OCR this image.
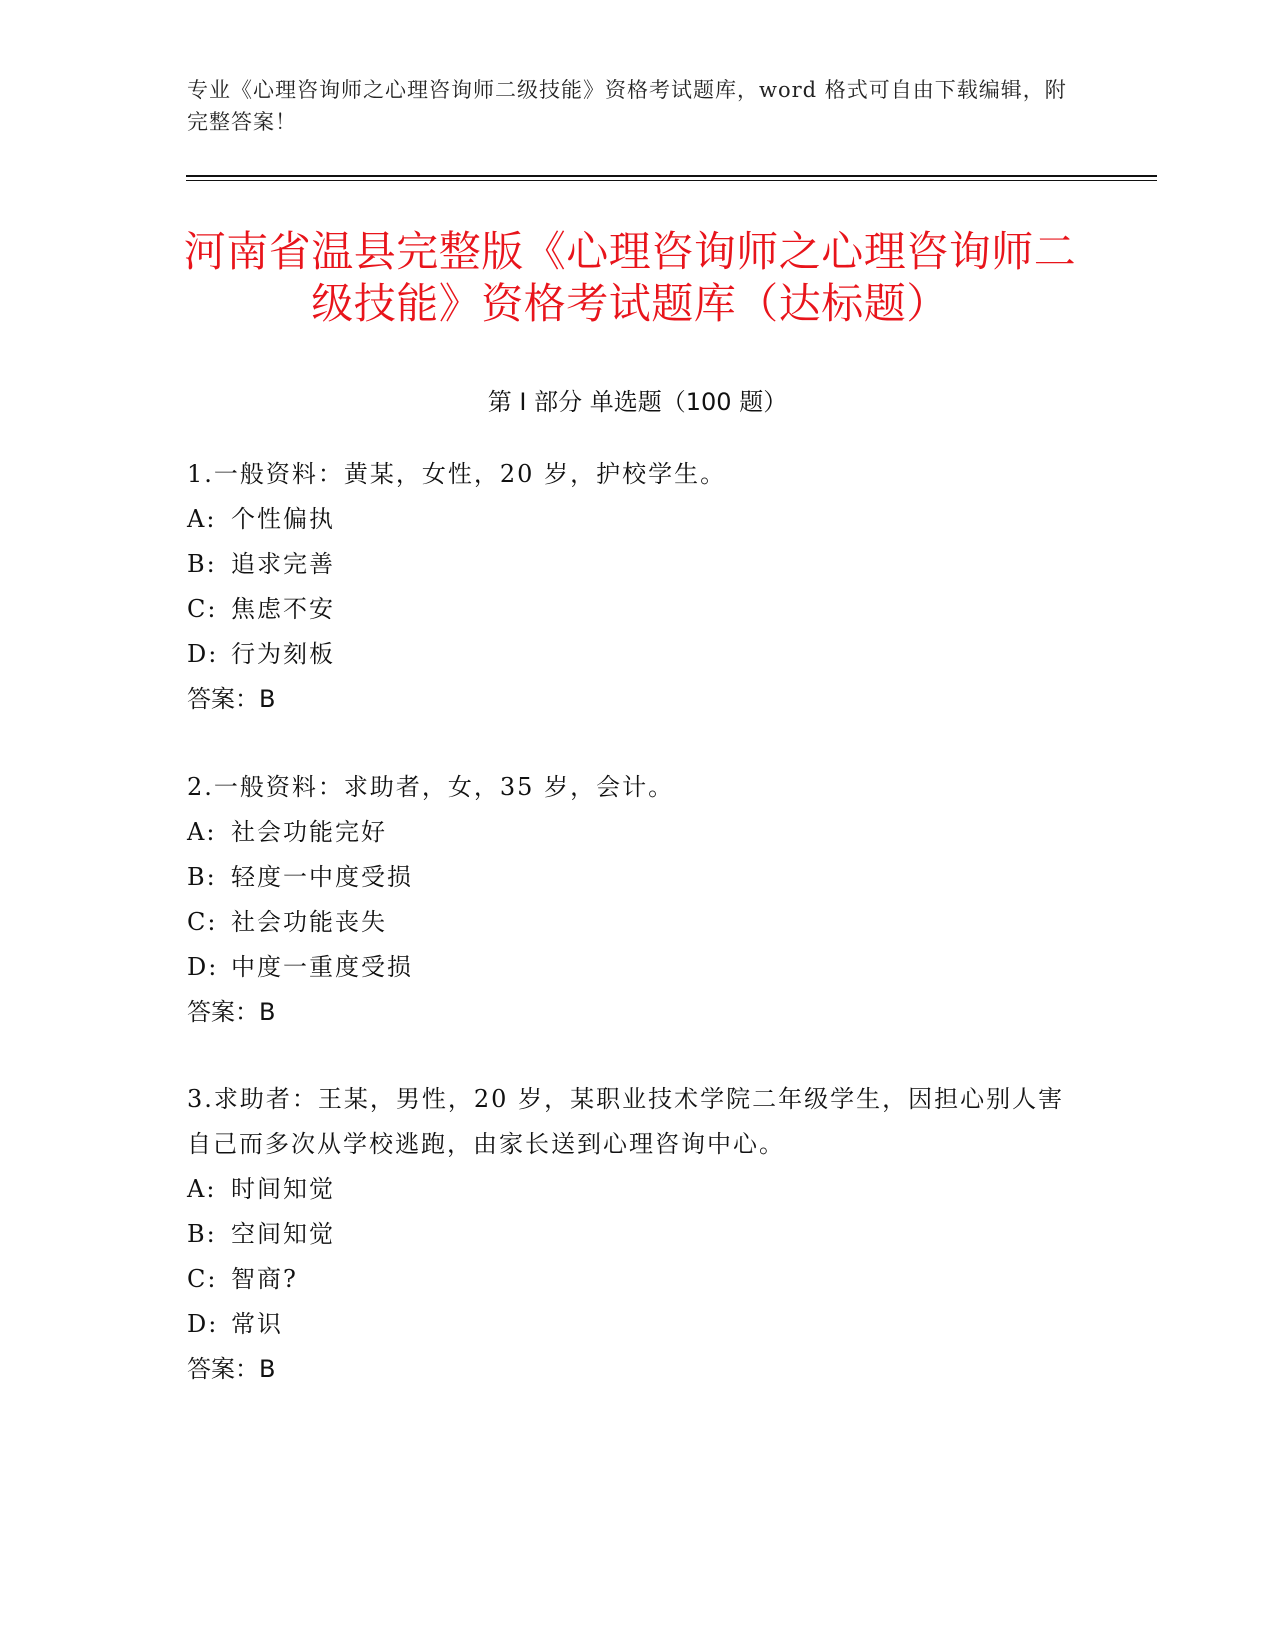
专业《心理咨询师之心理咨询师二级技能》资格考试题库，word 格式可自由下载编辑，附完整答案！
河南省温县完整版《心理咨询师之心理咨询师二级技能》资格考试题库（达标题）
第 I 部分 单选题（100 题）

1.一般资料：黄某，女性，20 岁，护校学生。

A: 个性偏执

B: 追求完善

C: 焦虑不安

D: 行为刻板

答案：B

2.一般资料：求助者，女，35 岁，会计。

A: 社会功能完好

B: 轻度一中度受损

C: 社会功能丧失

D: 中度一重度受损

答案：B

3.求助者：王某，男性，20 岁，某职业技术学院二年级学生，因担心别人害自己而多次从学校逃跑，由家长送到心理咨询中心。

A: 时间知觉

B: 空间知觉

C: 智商?

D: 常识

答案：B
